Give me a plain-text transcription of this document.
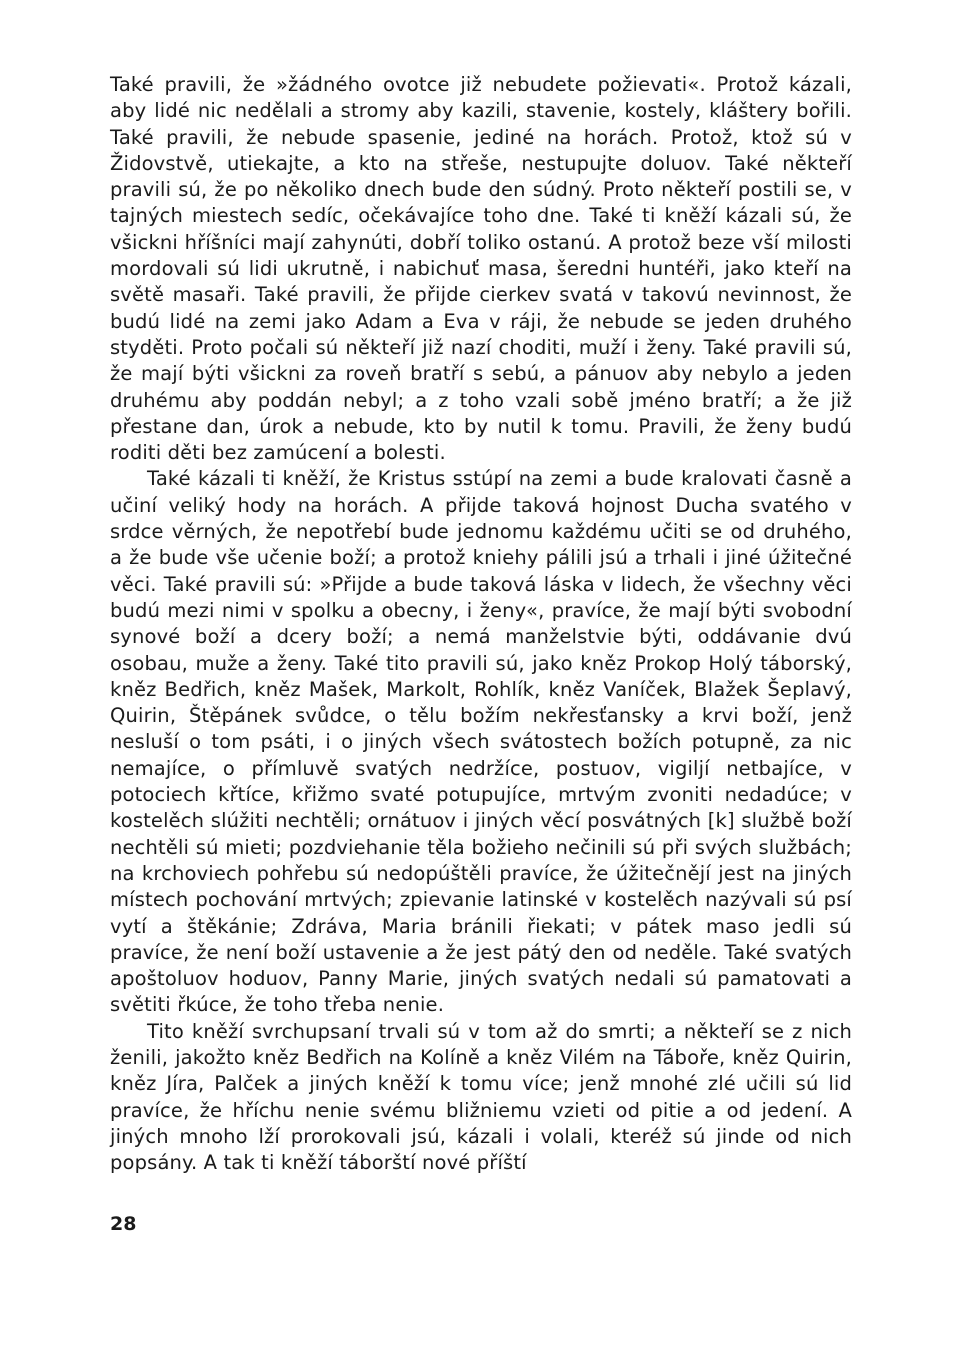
Také pravili, že »žádného ovotce již nebudete požievati«. Protož kázali, aby lidé nic nedělali a stromy aby kazili, stavenie, kostely, kláštery bořili. Také pravili, že nebude spasenie, jediné na horách. Protož, ktož sú v Židovstvě, utiekajte, a kto na střeše, nestupujte doluov. Také někteří pravili sú, že po několiko dnech bude den súdný. Proto někteří postili se, v tajných miestech sedíc, očekávajíce toho dne. Také ti kněží kázali sú, že všickni hříšníci mají zahynúti, dobří toliko ostanú. A protož beze vší milosti mordovali sú lidi ukrutně, i nabichuť masa, šeredni huntéři, jako kteří na světě masaři. Také pravili, že přijde cierkev svatá v takovú nevinnost, že budú lidé na zemi jako Adam a Eva v ráji, že nebude se jeden druhého styděti. Proto počali sú někteří již nazí choditi, muží i ženy. Také pravili sú, že mají býti všickni za roveň bratří s sebú, a pánuov aby nebylo a jeden druhému aby poddán nebyl; a z toho vzali sobě jméno bratří; a že již přestane dan, úrok a nebude, kto by nutil k tomu. Pravili, že ženy budú roditi děti bez zamúcení a bolesti.

Také kázali ti kněží, že Kristus sstúpí na zemi a bude kralovati časně a učiní veliký hody na horách. A přijde taková hojnost Ducha svatého v srdce věrných, že nepotřebí bude jednomu každému učiti se od druhého, a že bude vše učenie boží; a protož kniehy pálili jsú a trhali i jiné úžitečné věci. Také pravili sú: »Přijde a bude taková láska v lidech, že všechny věci budú mezi nimi v spolku a obecny, i ženy«, pravíce, že mají býti svobodní synové boží a dcery boží; a nemá manželstvie býti, oddávanie dvú osobau, muže a ženy. Také tito pravili sú, jako kněz Prokop Holý táborský, kněz Bedřich, kněz Mašek, Markolt, Rohlík, kněz Vaníček, Blažek Šeplavý, Quirin, Štěpánek svůdce, o tělu božím nekřesťansky a krvi boží, jenž nesluší o tom psáti, i o jiných všech svátostech božích potupně, za nic nemajíce, o přímluvě svatých nedržíce, postuov, vigiljí netbajíce, v potociech křtíce, křižmo svaté potupujíce, mrtvým zvoniti nedadúce; v kostelěch slúžiti nechtěli; ornátuov i jiných věcí posvátných [k] službě boží nechtěli sú mieti; pozdviehanie těla božieho nečinili sú při svých službách; na krchoviech pohřebu sú nedopúštěli pravíce, že úžitečnějí jest na jiných místech pochování mrtvých; zpievanie latinské v kostelěch nazývali sú psí vytí a štěkánie; Zdráva, Maria bránili řiekati; v pátek maso jedli sú pravíce, že není boží ustavenie a že jest pátý den od neděle. Také svatých apoštoluov hoduov, Panny Marie, jiných svatých nedali sú pamatovati a světiti řkúce, že toho třeba nenie.

Tito kněží svrchupsaní trvali sú v tom až do smrti; a někteří se z nich ženili, jakožto kněz Bedřich na Kolíně a kněz Vilém na Táboře, kněz Quirin, kněz Jíra, Palček a jiných kněží k tomu více; jenž mnohé zlé učili sú lid pravíce, že hříchu nenie svému bližniemu vzieti od pitie a od jedení. A jiných mnoho lží prorokovali jsú, kázali i volali, kteréž sú jinde od nich popsány. A tak ti kněží táborští nové příští

28
